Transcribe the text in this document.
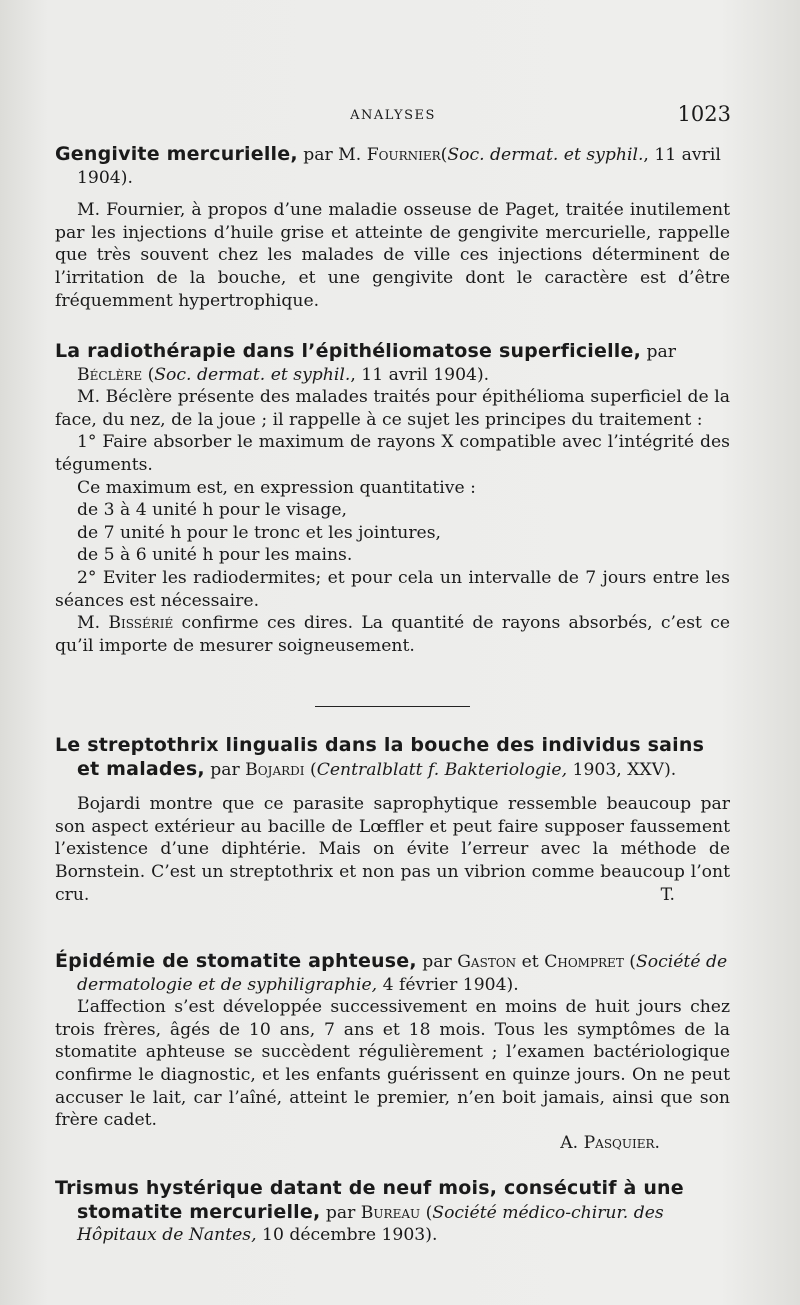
ANALYSES	1023
Gengivite mercurielle, par M. Fournier(Soc. dermat. et syphil., 11 avril 1904).

M. Fournier, à propos d’une maladie osseuse de Paget, traitée inutilement par les injections d’huile grise et atteinte de gengivite mercurielle, rappelle que très souvent chez les malades de ville ces injections déterminent de l’irritation de la bouche, et une gengivite dont le caractère est d’être fréquemment hypertrophique.

La radiothérapie dans l’épithéliomatose superficielle, par Béclère (Soc. dermat. et syphil., 11 avril 1904).

M. Béclère présente des malades traités pour épithélioma superficiel de la face, du nez, de la joue ; il rappelle à ce sujet les principes du traitement :

1° Faire absorber le maximum de rayons X compatible avec l’intégrité des téguments.

Ce maximum est, en expression quantitative :

de 3 à 4 unité h pour le visage,

de 7 unité h pour le tronc et les jointures,

de 5 à 6 unité h pour les mains.

2° Eviter les radiodermites; et pour cela un intervalle de 7 jours entre les séances est nécessaire.

M. Bissérié confirme ces dires. La quantité de rayons absorbés, c’est ce qu’il importe de mesurer soigneusement.

Le streptothrix lingualis dans la bouche des individus sains et malades, par Bojardi (Centralblatt f. Bakteriologie, 1903, XXV).

Bojardi montre que ce parasite saprophytique ressemble beaucoup par son aspect extérieur au bacille de Lœffler et peut faire supposer faussement l’existence d’une diphtérie. Mais on évite l’erreur avec la méthode de Bornstein. C’est un streptothrix et non pas un vibrion comme beaucoup l’ont cru.	T.

Épidémie de stomatite aphteuse, par Gaston et Chompret (Société de dermatologie et de syphiligraphie, 4 février 1904).

L’affection s’est développée successivement en moins de huit jours chez trois frères, âgés de 10 ans, 7 ans et 18 mois. Tous les symptômes de la stomatite aphteuse se succèdent régulièrement ; l’examen bactériologique confirme le diagnostic, et les enfants guérissent en quinze jours. On ne peut accuser le lait, car l’aîné, atteint le premier, n’en boit jamais, ainsi que son frère cadet.

A. Pasquier.

Trismus hystérique datant de neuf mois, consécutif à une stomatite mercurielle, par Bureau (Société médico-chirur. des Hôpitaux de Nantes, 10 décembre 1903).
